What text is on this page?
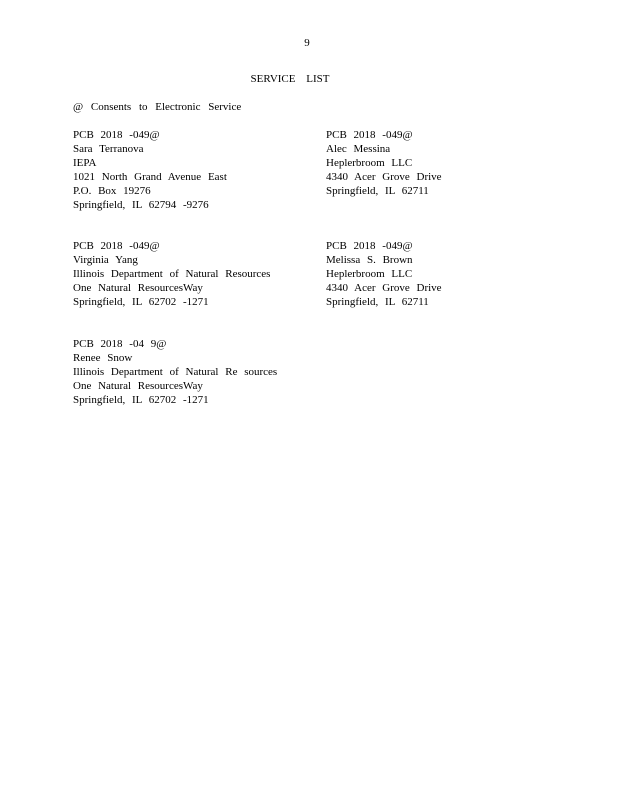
9
SERVICE LIST
@ Consents to Electronic Service
PCB 2018 -049@
Sara Terranova
IEPA
1021 North Grand Avenue East
P.O. Box 19276
Springfield, IL 62794 -9276
PCB 2018 -049@
Alec Messina
Heplerbroom LLC
4340 Acer Grove Drive
Springfield, IL 62711
PCB 2018 -049@
Virginia Yang
Illinois Department of Natural Resources
One Natural ResourcesWay
Springfield, IL 62702 -1271
PCB 2018 -049@
Melissa S. Brown
Heplerbroom LLC
4340 Acer Grove Drive
Springfield, IL 62711
PCB 2018 -04 9@
Renee Snow
Illinois Department of Natural Re sources
One Natural ResourcesWay
Springfield, IL 62702 -1271
